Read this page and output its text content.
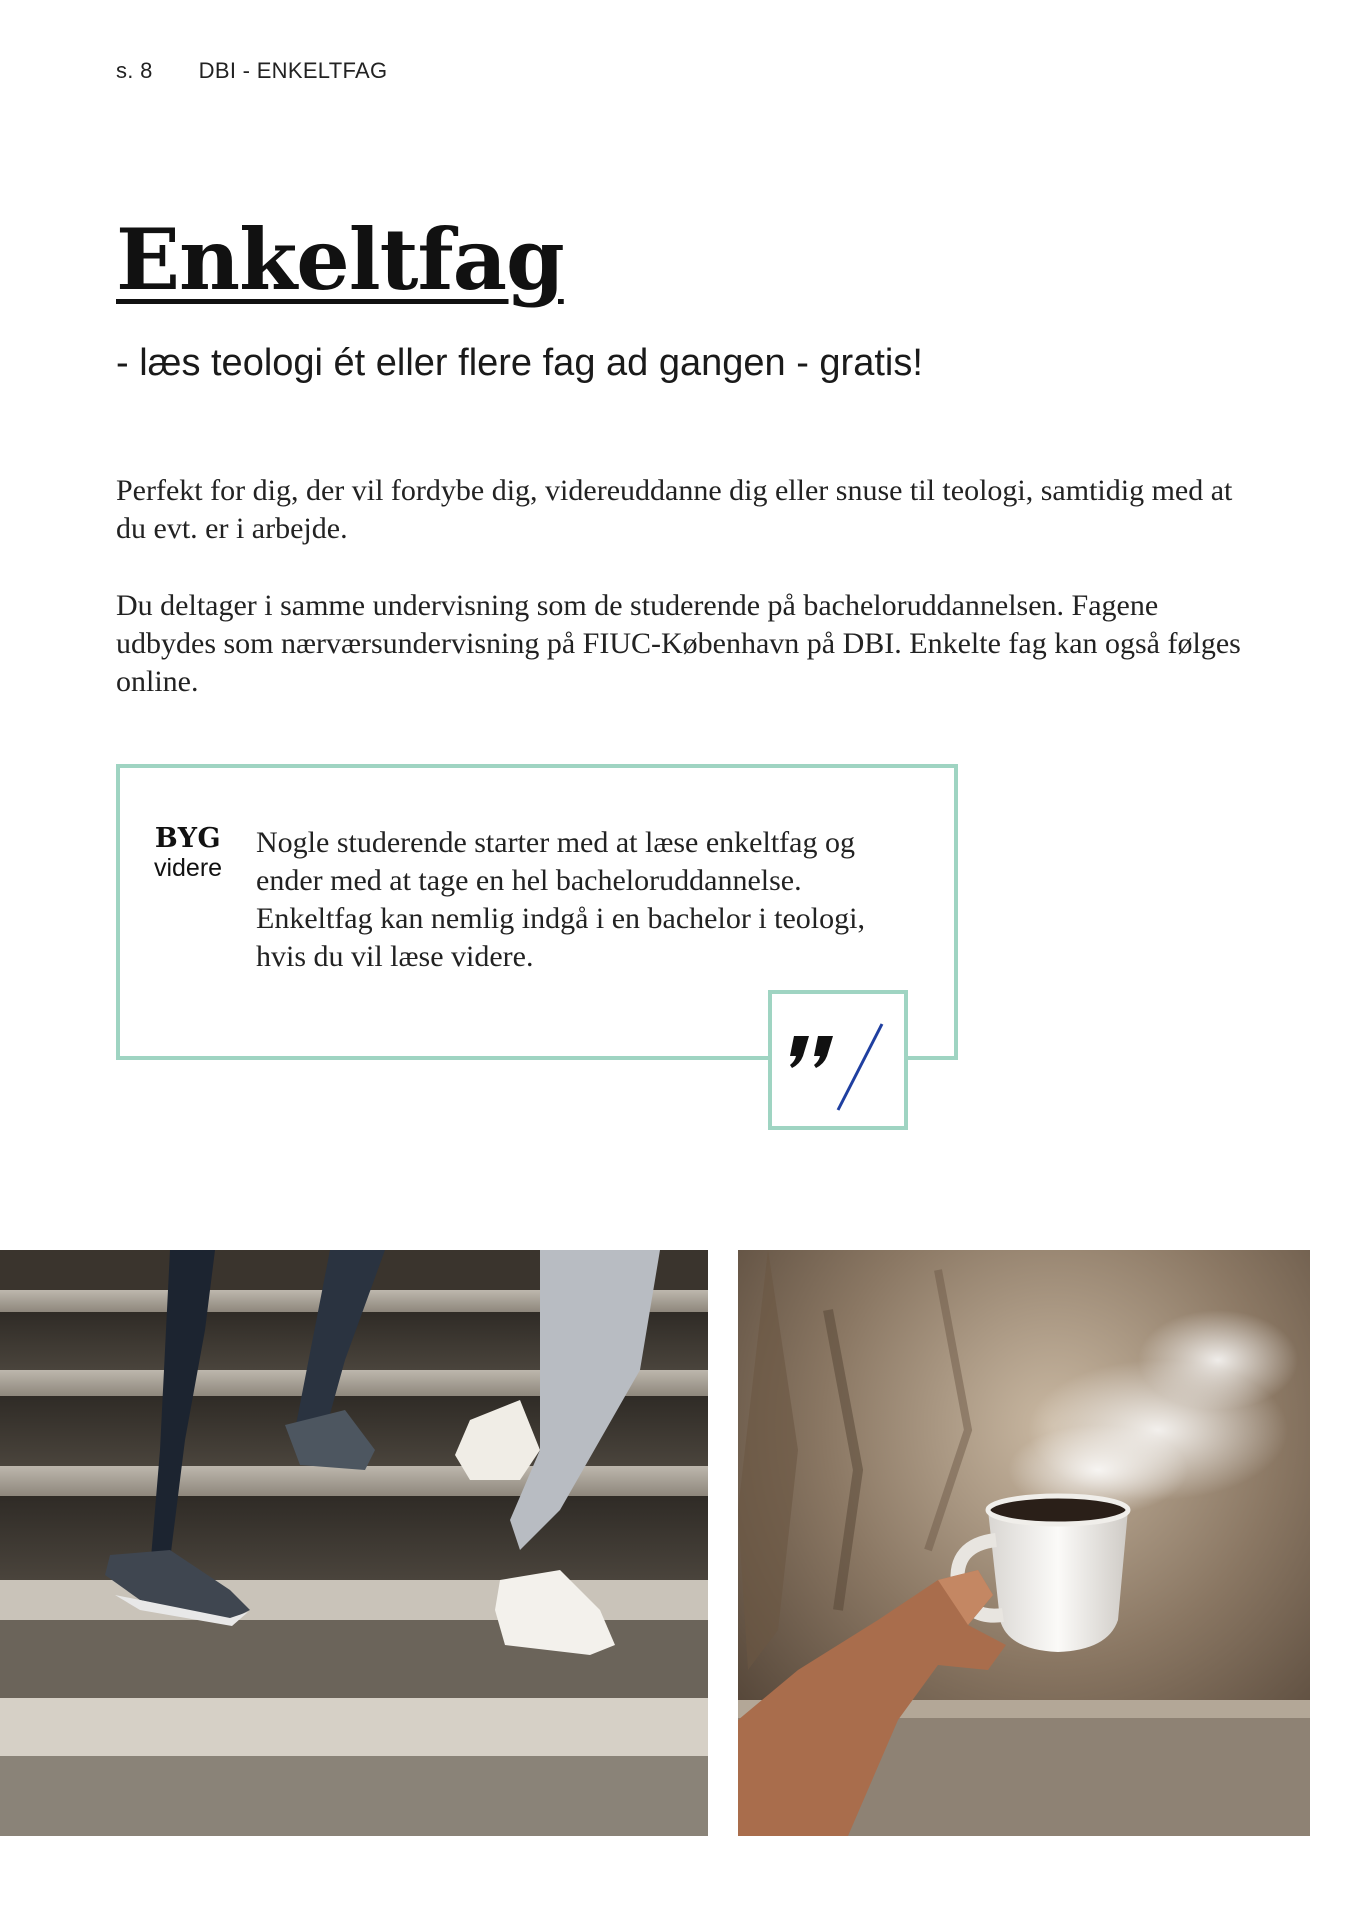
s. 8 DBI - ENKELTFAG
Enkeltfag
- læs teologi ét eller flere fag ad gangen - gratis!

Perfekt for dig, der vil fordybe dig, videreuddanne dig eller snuse til teologi, samtidig med at du evt. er i arbejde.

Du deltager i samme undervisning som de studerende på bacheloruddannelsen. Fagene udbydes som nærværsundervisning på FIUC-København på DBI. Enkelte fag kan også følges online.

BYG
videre

Nogle studerende starter med at læse enkeltfag og ender med at tage en hel bacheloruddannelse. Enkeltfag kan nemlig indgå i en bachelor i teologi, hvis du vil læse videre.
